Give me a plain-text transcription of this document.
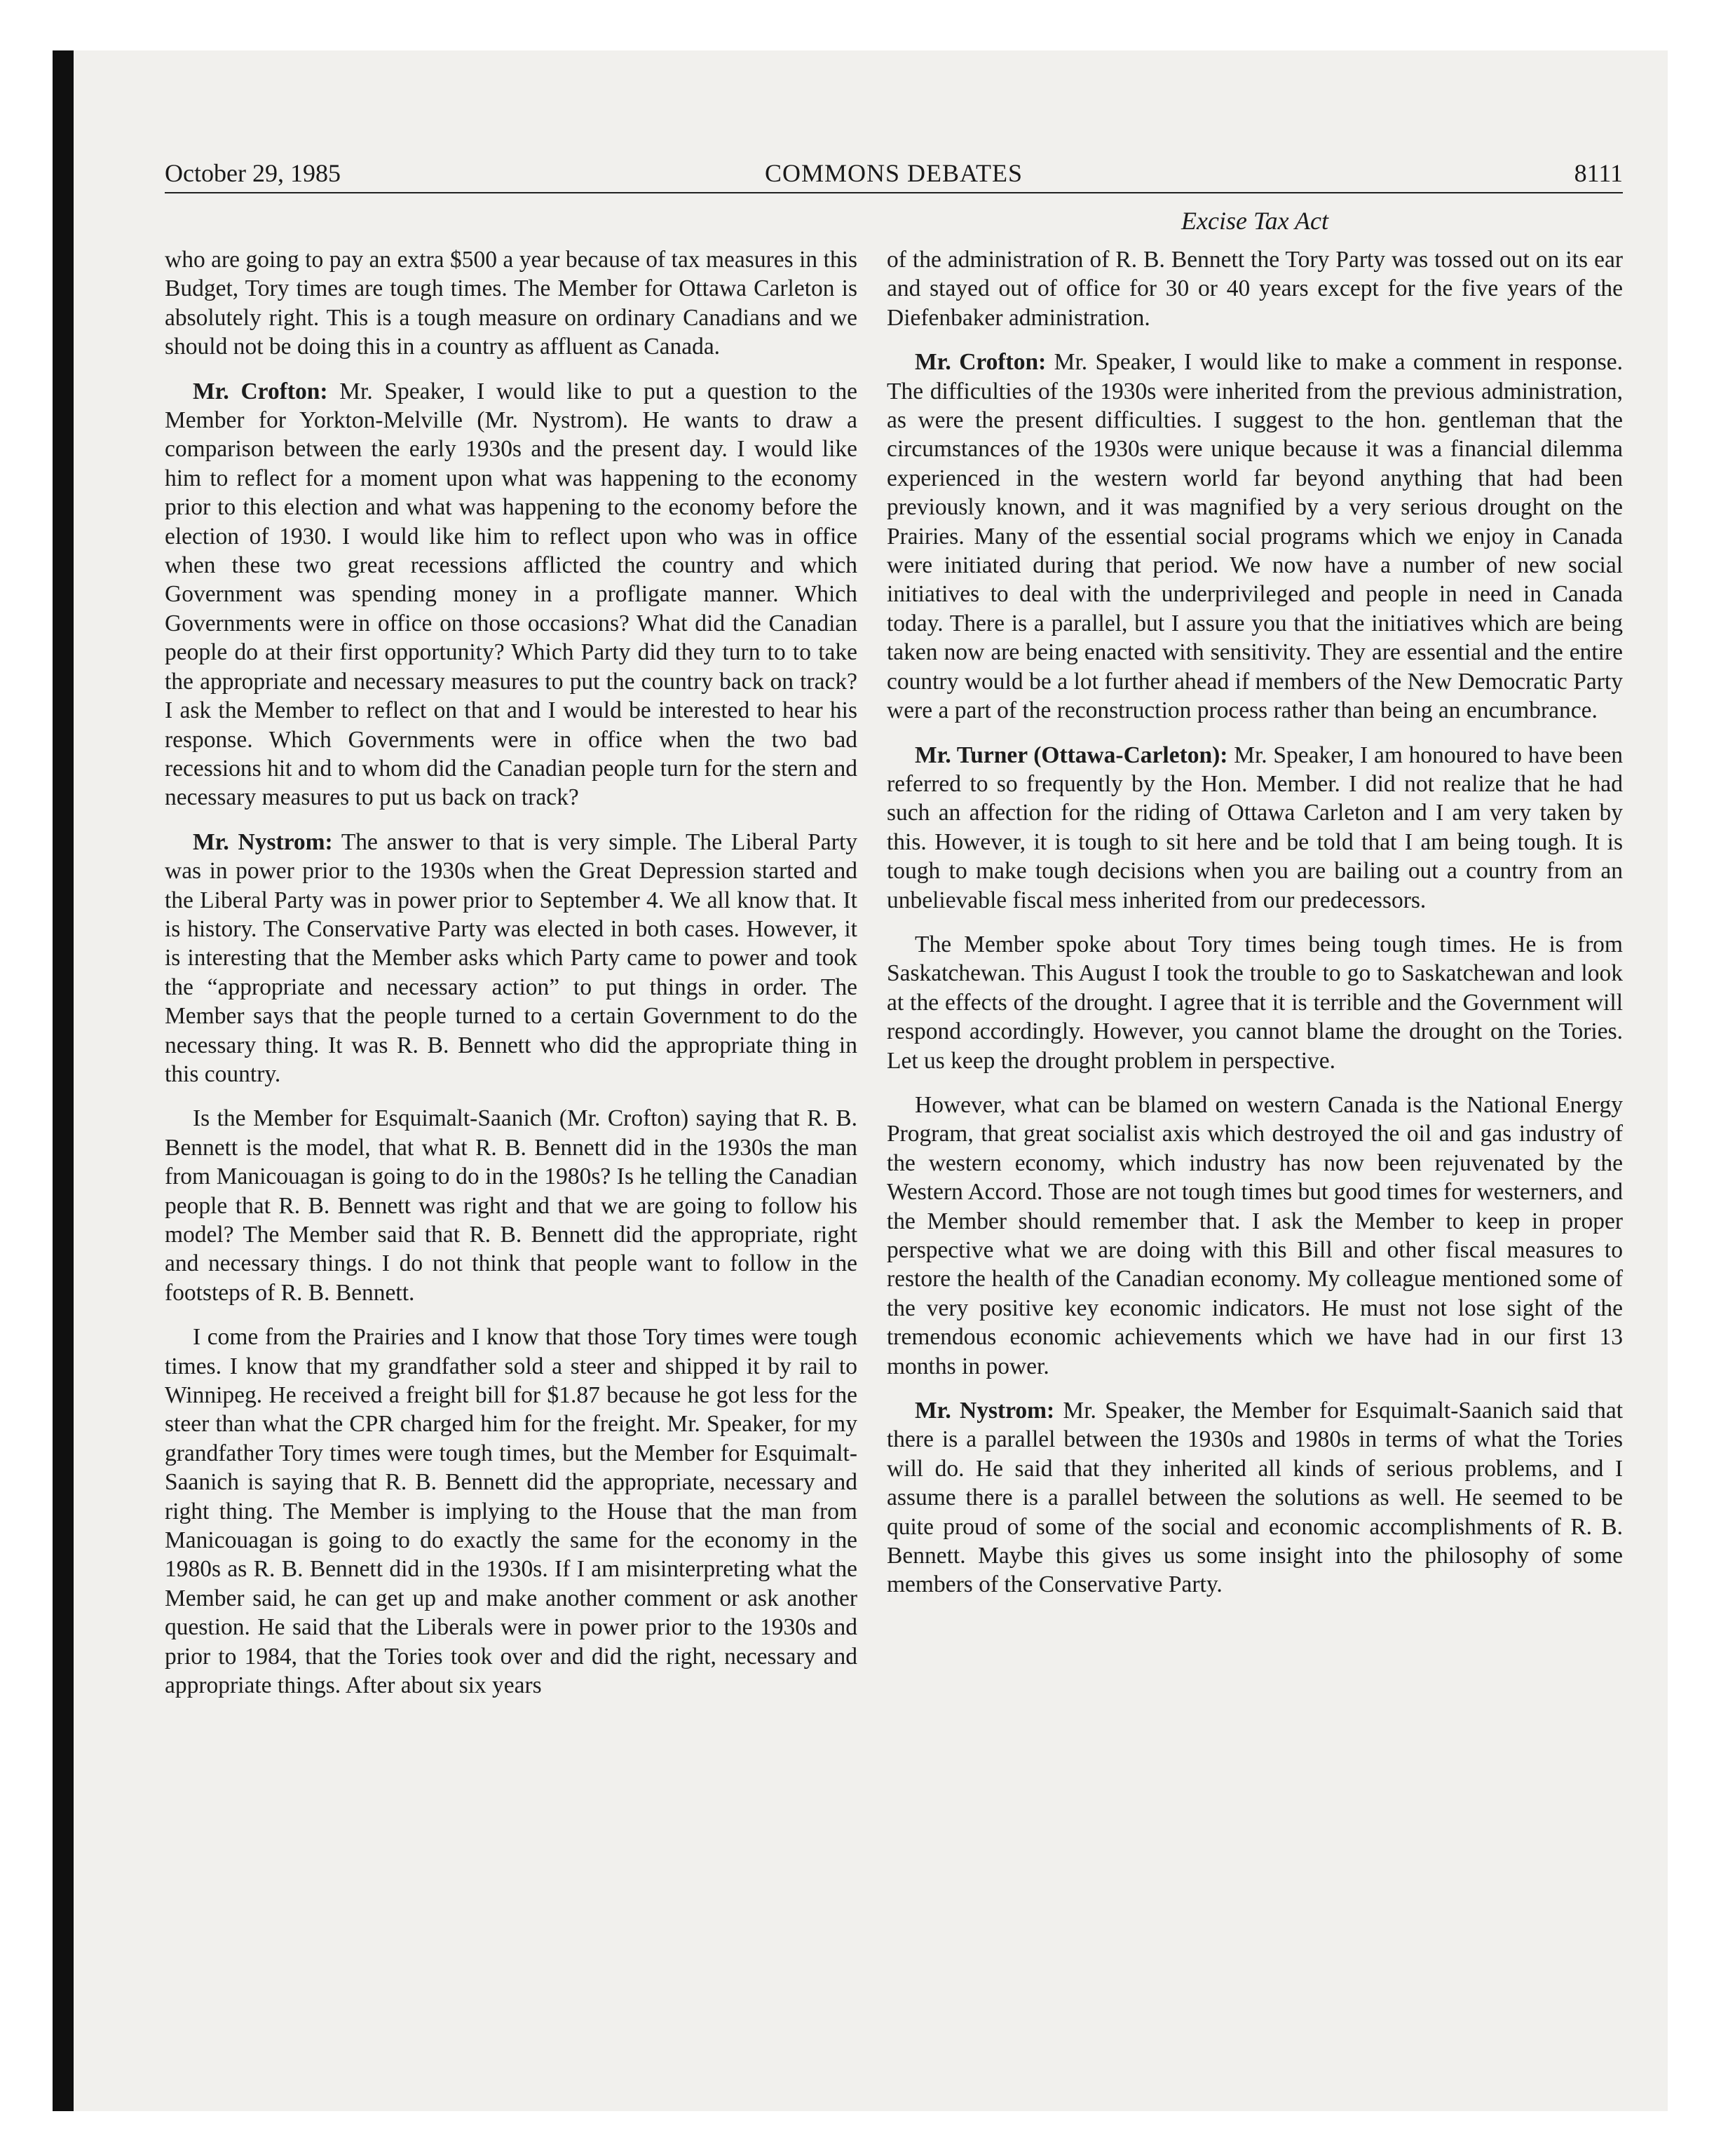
COMMONS DEBATES
October 29, 1985	8111
Excise Tax Act

who are going to pay an extra $500 a year because of tax measures in this Budget, Tory times are tough times. The Member for Ottawa Carleton is absolutely right. This is a tough measure on ordinary Canadians and we should not be doing this in a country as affluent as Canada.

Mr. Crofton: Mr. Speaker, I would like to put a question to the Member for Yorkton-Melville (Mr. Nystrom). He wants to draw a comparison between the early 1930s and the present day. I would like him to reflect for a moment upon what was happening to the economy prior to this election and what was happening to the economy before the election of 1930. I would like him to reflect upon who was in office when these two great recessions afflicted the country and which Government was spending money in a profligate manner. Which Governments were in office on those occasions? What did the Canadian people do at their first opportunity? Which Party did they turn to to take the appropriate and necessary measures to put the country back on track? I ask the Member to reflect on that and I would be interested to hear his response. Which Governments were in office when the two bad recessions hit and to whom did the Canadian people turn for the stern and necessary measures to put us back on track?

Mr. Nystrom: The answer to that is very simple. The Liberal Party was in power prior to the 1930s when the Great Depression started and the Liberal Party was in power prior to September 4. We all know that. It is history. The Conservative Party was elected in both cases. However, it is interesting that the Member asks which Party came to power and took the “appropriate and necessary action” to put things in order. The Member says that the people turned to a certain Government to do the necessary thing. It was R. B. Bennett who did the appropriate thing in this country.

Is the Member for Esquimalt-Saanich (Mr. Crofton) saying that R. B. Bennett is the model, that what R. B. Bennett did in the 1930s the man from Manicouagan is going to do in the 1980s? Is he telling the Canadian people that R. B. Bennett was right and that we are going to follow his model? The Member said that R. B. Bennett did the appropriate, right and necessary things. I do not think that people want to follow in the footsteps of R. B. Bennett.

I come from the Prairies and I know that those Tory times were tough times. I know that my grandfather sold a steer and shipped it by rail to Winnipeg. He received a freight bill for $1.87 because he got less for the steer than what the CPR charged him for the freight. Mr. Speaker, for my grandfather Tory times were tough times, but the Member for Esquimalt-Saanich is saying that R. B. Bennett did the appropriate, necessary and right thing. The Member is implying to the House that the man from Manicouagan is going to do exactly the same for the economy in the 1980s as R. B. Bennett did in the 1930s. If I am misinterpreting what the Member said, he can get up and make another comment or ask another question. He said that the Liberals were in power prior to the 1930s and prior to 1984, that the Tories took over and did the right, necessary and appropriate things. After about six years

of the administration of R. B. Bennett the Tory Party was tossed out on its ear and stayed out of office for 30 or 40 years except for the five years of the Diefenbaker administration.

Mr. Crofton: Mr. Speaker, I would like to make a comment in response. The difficulties of the 1930s were inherited from the previous administration, as were the present difficulties. I suggest to the hon. gentleman that the circumstances of the 1930s were unique because it was a financial dilemma experienced in the western world far beyond anything that had been previously known, and it was magnified by a very serious drought on the Prairies. Many of the essential social programs which we enjoy in Canada were initiated during that period. We now have a number of new social initiatives to deal with the underprivileged and people in need in Canada today. There is a parallel, but I assure you that the initiatives which are being taken now are being enacted with sensitivity. They are essential and the entire country would be a lot further ahead if members of the New Democratic Party were a part of the reconstruction process rather than being an encumbrance.

Mr. Turner (Ottawa-Carleton): Mr. Speaker, I am honoured to have been referred to so frequently by the Hon. Member. I did not realize that he had such an affection for the riding of Ottawa Carleton and I am very taken by this. However, it is tough to sit here and be told that I am being tough. It is tough to make tough decisions when you are bailing out a country from an unbelievable fiscal mess inherited from our predecessors.

The Member spoke about Tory times being tough times. He is from Saskatchewan. This August I took the trouble to go to Saskatchewan and look at the effects of the drought. I agree that it is terrible and the Government will respond accordingly. However, you cannot blame the drought on the Tories. Let us keep the drought problem in perspective.

However, what can be blamed on western Canada is the National Energy Program, that great socialist axis which destroyed the oil and gas industry of the western economy, which industry has now been rejuvenated by the Western Accord. Those are not tough times but good times for westerners, and the Member should remember that. I ask the Member to keep in proper perspective what we are doing with this Bill and other fiscal measures to restore the health of the Canadian economy. My colleague mentioned some of the very positive key economic indicators. He must not lose sight of the tremendous economic achievements which we have had in our first 13 months in power.

Mr. Nystrom: Mr. Speaker, the Member for Esquimalt-Saanich said that there is a parallel between the 1930s and 1980s in terms of what the Tories will do. He said that they inherited all kinds of serious problems, and I assume there is a parallel between the solutions as well. He seemed to be quite proud of some of the social and economic accomplishments of R. B. Bennett. Maybe this gives us some insight into the philosophy of some members of the Conservative Party.
